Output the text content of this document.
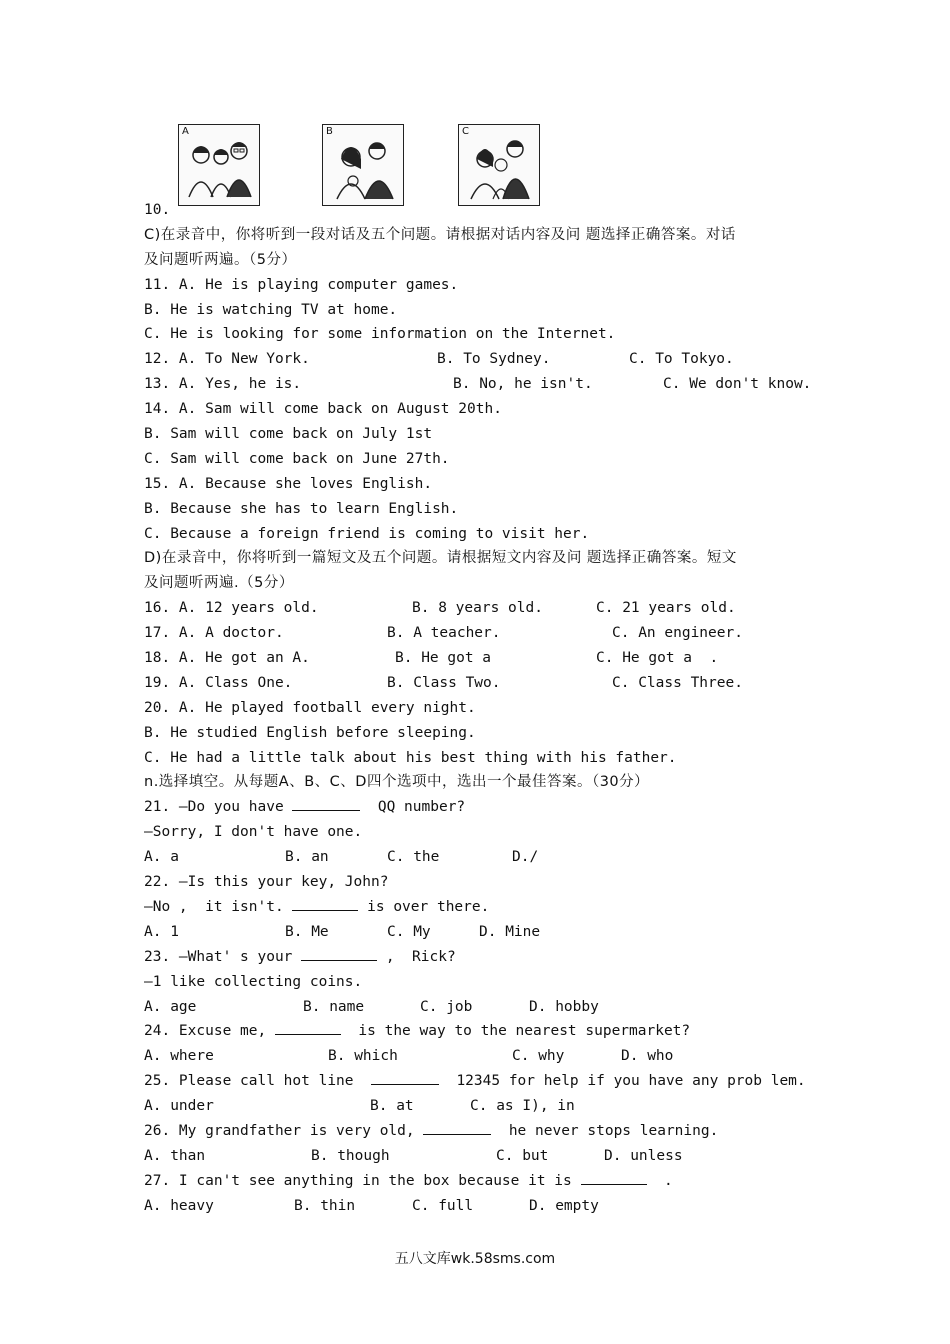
A	B	C
10.
C)在录音中，你将听到一段对话及五个问题。请根据对话内容及问 题选择正确答案。对话
及问题听两遍。（5分）
11. A. He is playing computer games.
B. He is watching TV at home.
C. He is looking for some information on the Internet.

12. A. To New York.

	B. To Sydney.

	C. To Tokyo.

13. A. Yes, he is.

	B. No, he isn't.

	C. We don't know.

14. A. Sam will come back on August 20th.
B. Sam will come back on July 1st
C. Sam will come back on June 27th.
15. A. Because she loves English.
B. Because she has to learn English.
C. Because a foreign friend is coming to visit her.
D)在录音中，你将听到一篇短文及五个问题。请根据短文内容及问 题选择正确答案。短文
及问题听两遍.（5分）

16. A. 12 years old.

	B. 8 years old.

	C. 21 years old.

17. A. A doctor.

	B. A teacher.

	C. An engineer.

18. A. He got an A.

	B. He got a

	C. He got a  .

19. A. Class One.

	B. Class Two.

	C. Class Three.

20. A. He played football every night.
B. He studied English before sleeping.
C. He had a little talk about his best thing with his father.
n.选择填空。从每题A、B、C、D四个选项中，选出一个最佳答案。（30分）
21. —Do you have	QQ number?
—Sorry, I don't have one.

A. a

	B. an

	C. the

	D./

22. —Is this your key, John?
—No ,  it isn't.	is over there.

A. 1

	B. Me

	C. My

	D. Mine

23. —What' s your	,  Rick?
—1 like collecting coins.

A. age

	B. name

	C. job

	D. hobby

24. Excuse me,	is the way to the nearest supermarket?

A. where

	B. which

	C. why

	D. who

25. Please call hot line	12345 for help if you have any prob lem.

A. under

	B. at

	C. as I), in

26. My grandfather is very old,	he never stops learning.

A. than

	B. though

	C. but

	D. unless

27. I can't see anything in the box because it is	.

A. heavy

	B. thin

	C. full

	D. empty

五八文库wk.58sms.com
